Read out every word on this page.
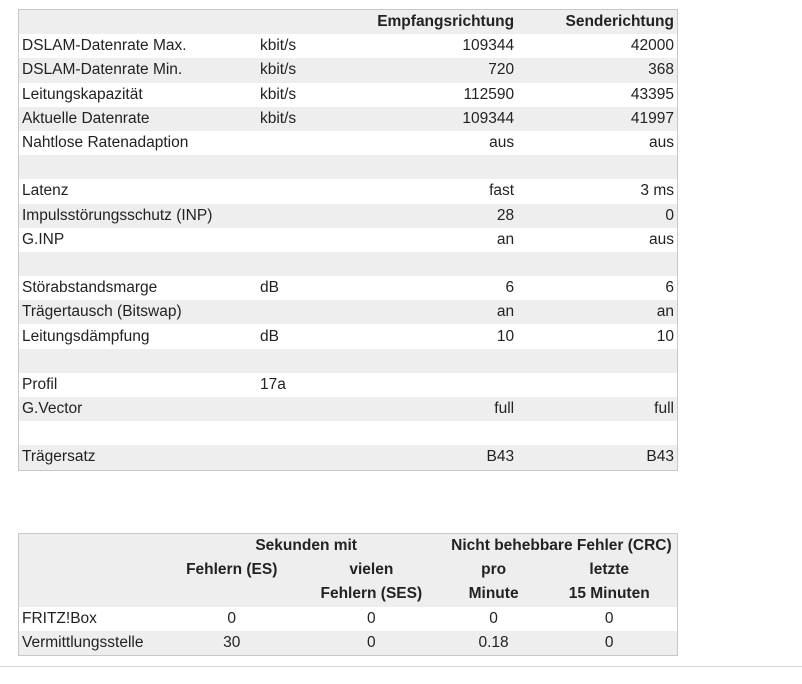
		Empfangsrichtung	Senderichtung
DSLAM-Datenrate Max.	kbit/s	109344	42000
DSLAM-Datenrate Min.	kbit/s	720	368
Leitungskapazität	kbit/s	112590	43395
Aktuelle Datenrate	kbit/s	109344	41997
Nahtlose Ratenadaption		aus	aus

Latenz		fast	3 ms
Impulsstörungsschutz (INP)		28	0
G.INP		an	aus

Störabstandsmarge	dB	6	6
Trägertausch (Bitswap)		an	an
Leitungsdämpfung	dB	10	10

Profil	17a		
G.Vector		full	full

Trägersatz		B43	B43
	Sekunden mit		Nicht behebbare Fehler (CRC)	
	Fehlern (ES)	vielen	pro	letzte
		Fehlern (SES)	Minute	15 Minuten
FRITZ!Box	0	0	0	0
Vermittlungsstelle	30	0	0.18	0
